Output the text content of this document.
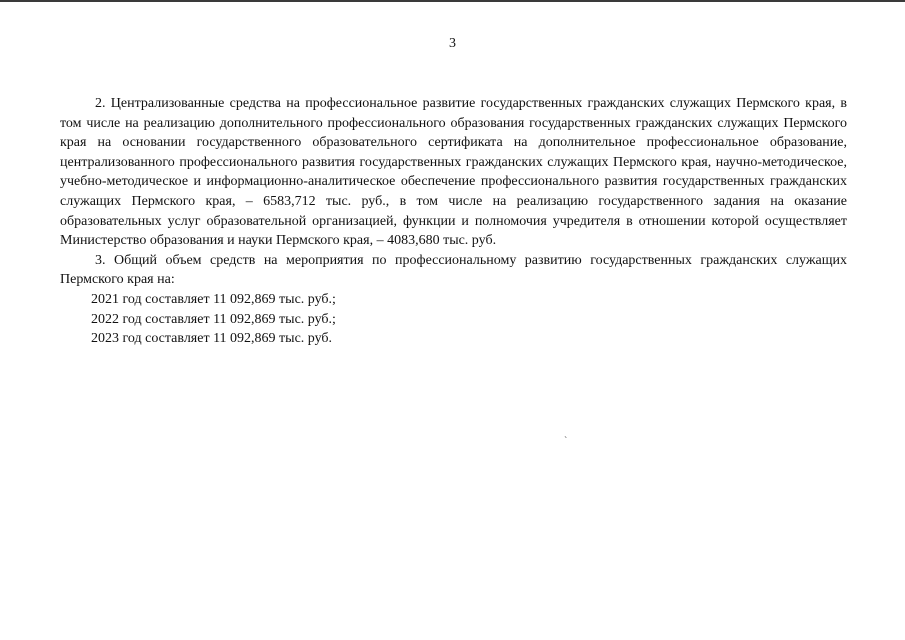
3

2. Централизованные средства на профессиональное развитие государственных гражданских служащих Пермского края, в том числе на реализацию дополнительного профессионального образования государственных гражданских служащих Пермского края на основании государственного образовательного сертификата на дополнительное профессиональное образование, централизованного профессионального развития государственных гражданских служащих Пермского края, научно-методическое, учебно-методическое и информационно-аналитическое обеспечение профессионального развития государственных гражданских служащих Пермского края, – 6583,712 тыс. руб., в том числе на реализацию государственного задания на оказание образовательных услуг образовательной организацией, функции и полномочия учредителя в отношении которой осуществляет Министерство образования и науки Пермского края, – 4083,680 тыс. руб.

3. Общий объем средств на мероприятия по профессиональному развитию государственных гражданских служащих Пермского края на:

2021 год составляет 11 092,869 тыс. руб.;

2022 год составляет 11 092,869 тыс. руб.;

2023 год составляет 11 092,869 тыс. руб.

`
